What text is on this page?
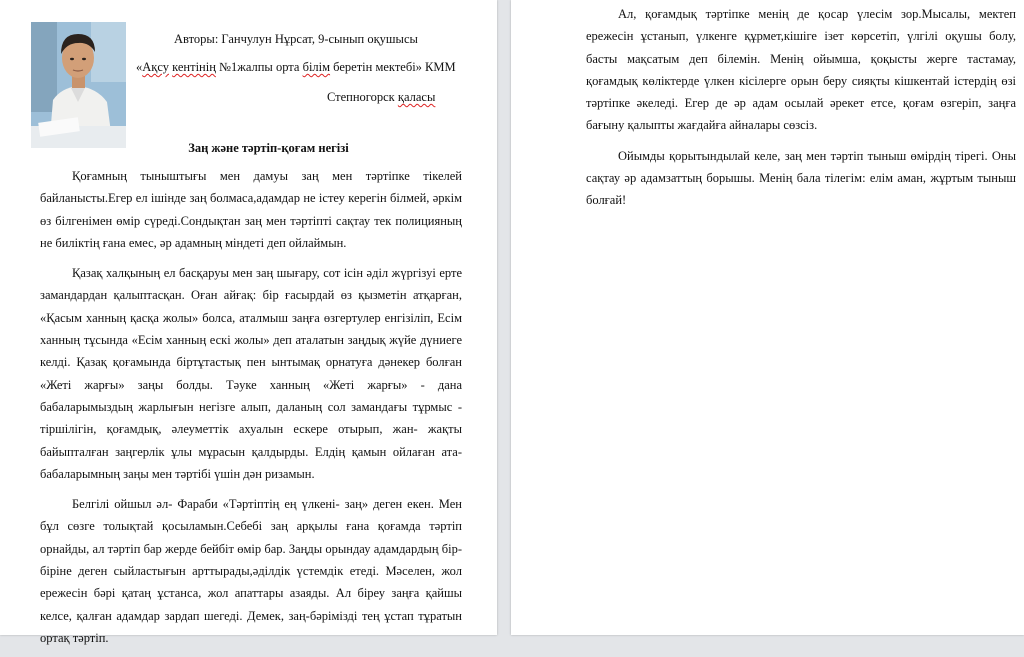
Авторы: Ганчулун Нұрсат, 9-сынып оқушысы
«Ақсу кентінің №1жалпы орта білім беретін мектебі» КММ
Степногорск қаласы
Заң және тәртіп-қоғам негізі

Қоғамның тыныштығы мен дамуы заң мен тәртіпке тікелей байланысты.Егер ел ішінде заң болмаса,адамдар не істеу керегін білмей, әркім өз білгенімен өмір сүреді.Сондықтан заң мен тәртіпті сақтау тек полицияның не биліктің ғана емес, әр адамның міндеті деп ойлаймын.

Қазақ халқының ел басқаруы мен заң шығару, сот ісін әділ жүргізуі ерте замандардан қалыптасқан. Оған айғақ: бір ғасырдай өз қызметін атқарған, «Қасым ханның қасқа жолы» болса, аталмыш заңға өзгертулер енгізіліп, Есім ханның тұсында «Есім ханның ескі жолы» деп аталатын заңдық жүйе дүниеге келді. Қазақ қоғамында біртұтастық пен ынтымақ орнатуға дәнекер болған «Жеті жарғы» заңы болды. Тәуке ханның «Жеті жарғы» - дана бабаларымыздың жарлығын негізге алып, даланың сол замандағы тұрмыс - тіршілігін, қоғамдық, әлеуметтік ахуалын ескере отырып, жан- жақты байыпталған заңгерлік ұлы мұрасын қалдырды. Елдің қамын ойлаған ата-бабаларымның заңы мен тәртібі үшін дән ризамын.

Белгілі ойшыл әл- Фараби «Тәртіптің ең үлкені- заң» деген екен. Мен бұл сөзге толықтай қосыламын.Себебі заң арқылы ғана қоғамда тәртіп орнайды, ал тәртіп бар жерде бейбіт өмір бар. Заңды орындау адамдардың бір-біріне деген сыйластығын арттырады,әділдік үстемдік етеді. Мәселен, жол ережесін бәрі қатаң ұстанса, жол апаттары азаяды. Ал біреу заңға қайшы келсе, қалған адамдар зардап шегеді. Демек, заң-бәрімізді тең ұстап тұратын ортақ тәртіп.

Ал, қоғамдық тәртіпке менің де қосар үлесім зор.Мысалы, мектеп ережесін ұстанып, үлкенге құрмет,кішіге ізет көрсетіп, үлгілі оқушы болу, басты мақсатым деп білемін. Менің ойымша, қоқысты жерге тастамау, қоғамдық көліктерде үлкен кісілерге орын беру сияқты кішкентай істердің өзі тәртіпке әкеледі. Егер де әр адам осылай әрекет етсе, қоғам өзгеріп, заңға бағыну қалыпты жағдайға айналары сөзсіз.

Ойымды қорытындылай келе, заң мен тәртіп тыныш өмірдің тірегі. Оны сақтау әр адамзаттың борышы. Менің бала тілегім: елім аман, жұртым тыныш болғай!
